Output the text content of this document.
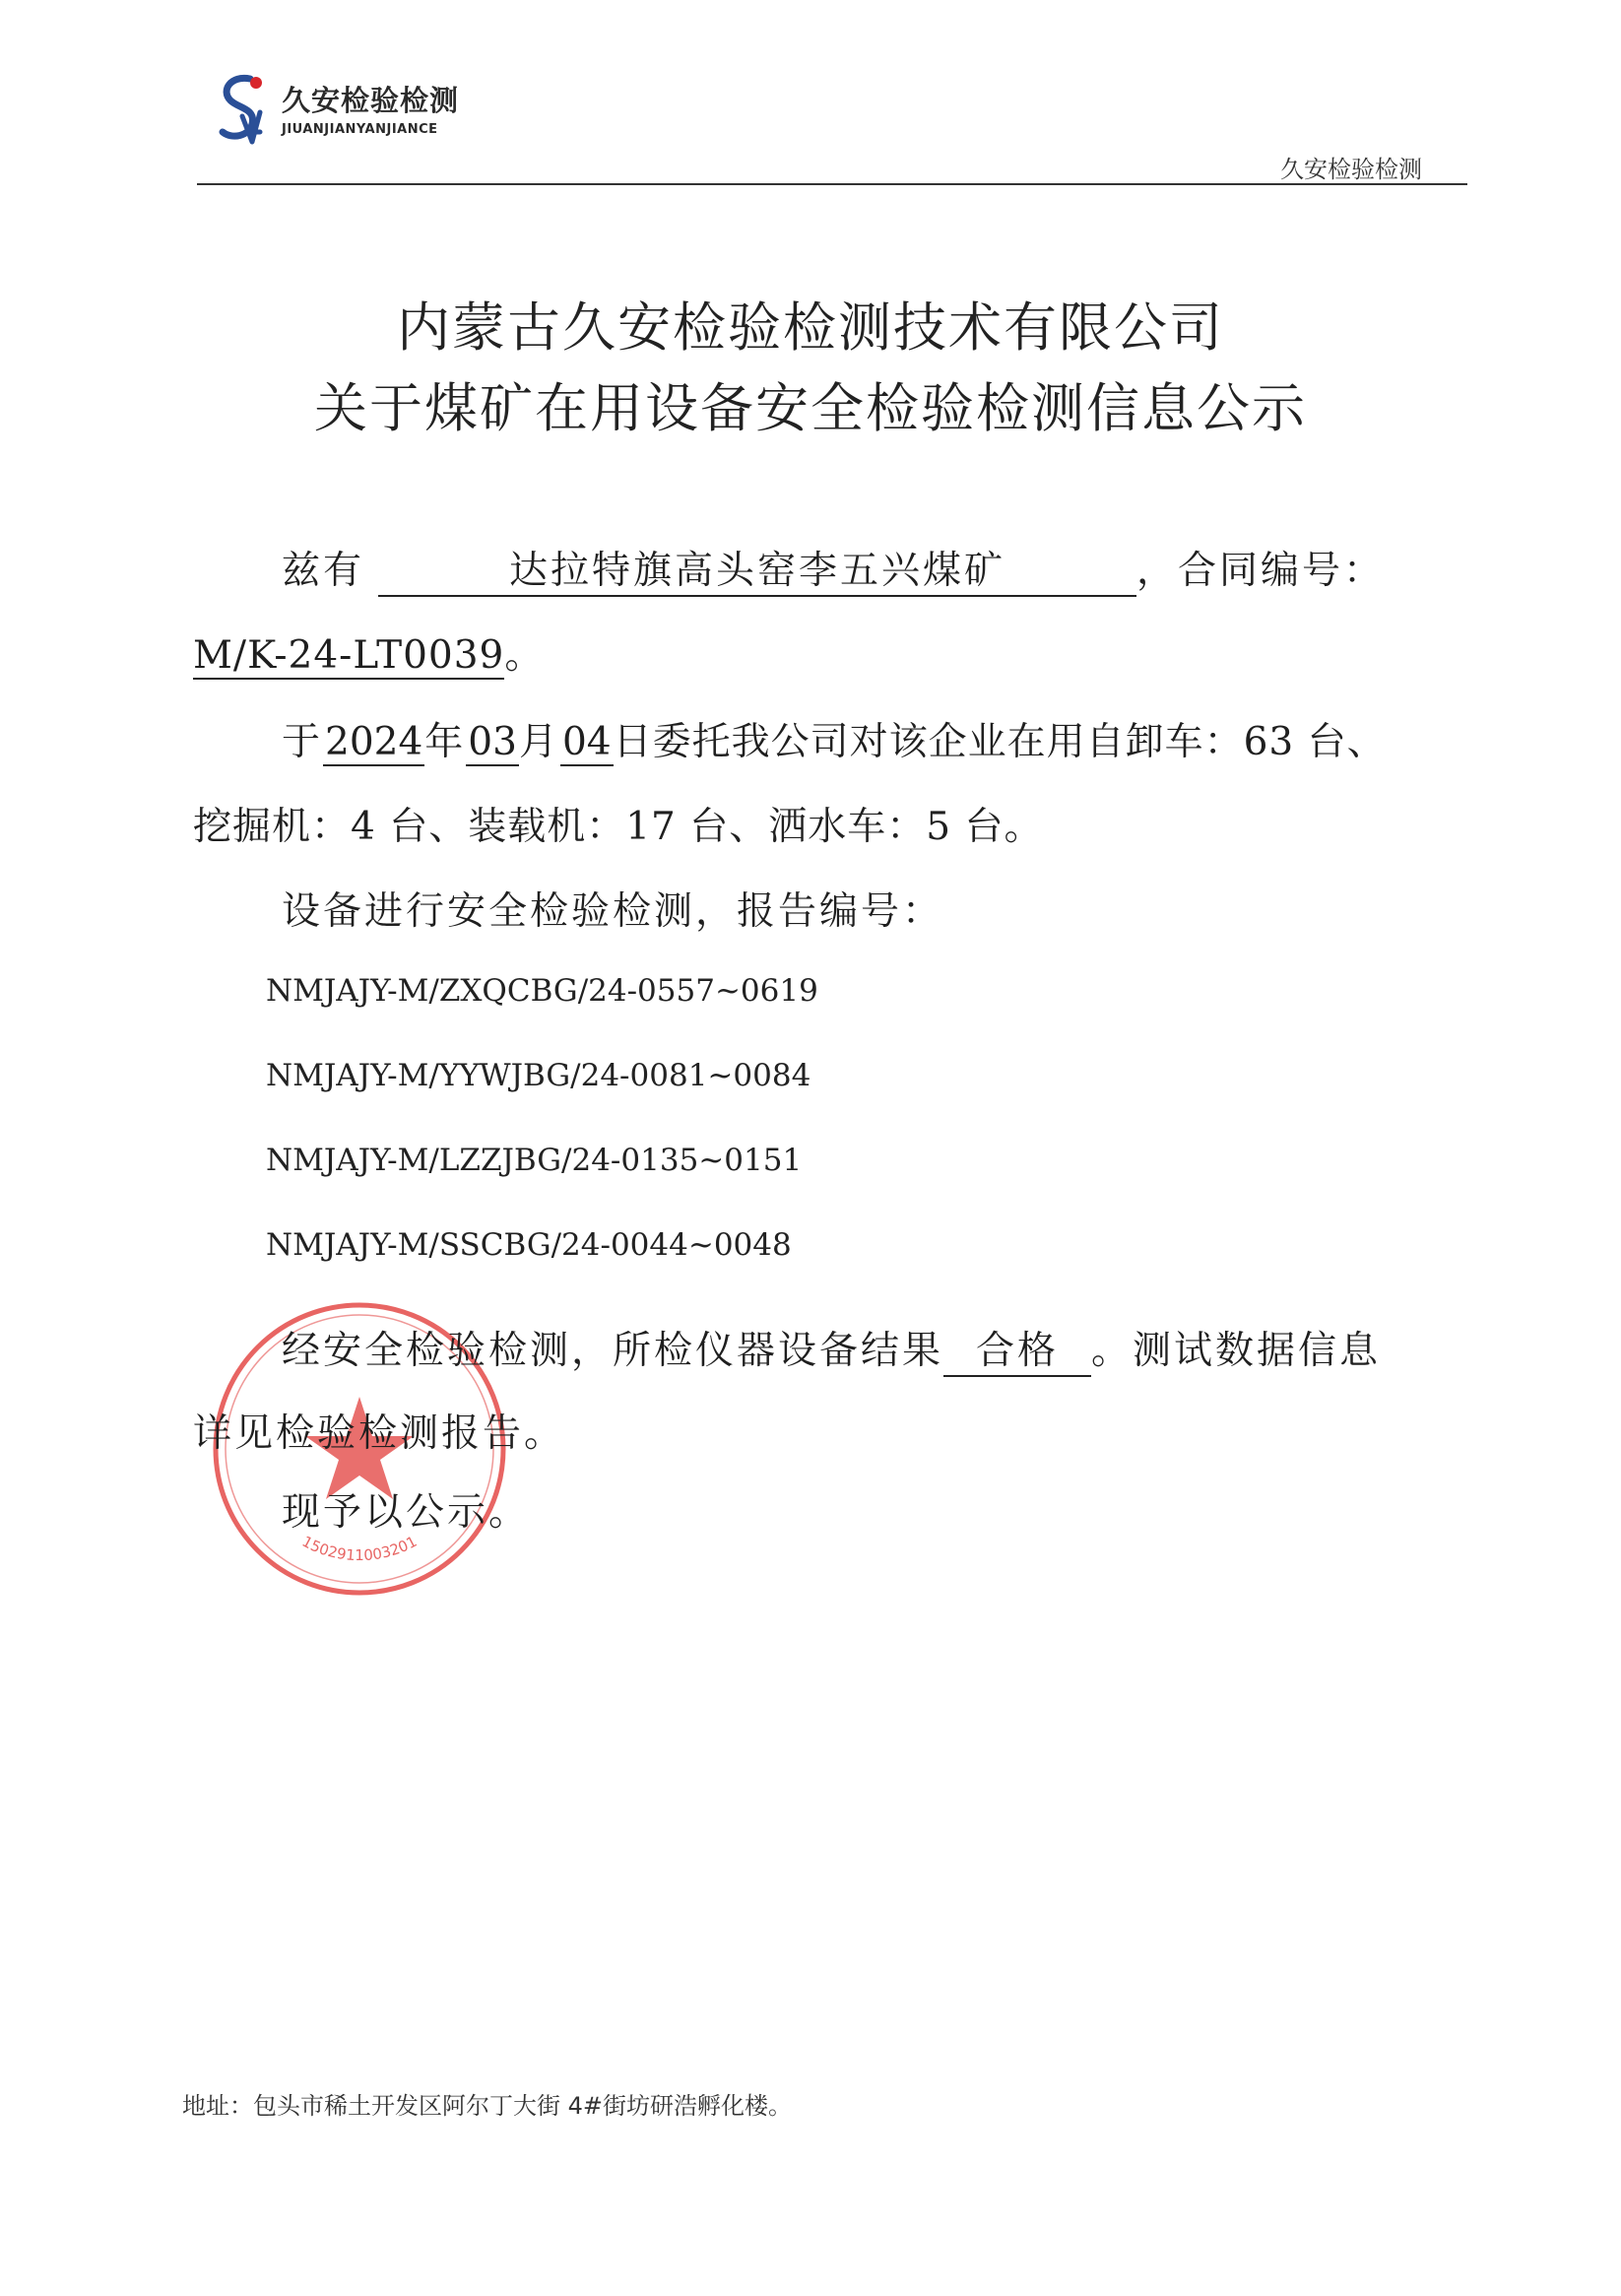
久安检验检测
JIUANJIANYANJIANCE
久安检验检测
内蒙古久安检验检测技术有限公司
关于煤矿在用设备安全检验检测信息公示
兹有	达拉特旗高头窑李五兴煤矿	，合同编号：
M/K-24-LT0039。
于2024年03月04日委托我公司对该企业在用自卸车：63 台、
挖掘机：4 台、装载机：17 台、洒水车：5 台。
设备进行安全检验检测，报告编号：
NMJAJY-M/ZXQCBG/24-0557~0619
NMJAJY-M/YYWJBG/24-0081~0084
NMJAJY-M/LZZJBG/24-0135~0151
NMJAJY-M/SSCBG/24-0044~0048
1502911003201
经安全检验检测，所检仪器设备结果 合格 。测试数据信息
详见检验检测报告。
现予以公示。
地址：包头市稀土开发区阿尔丁大街 4#街坊研浩孵化楼。
